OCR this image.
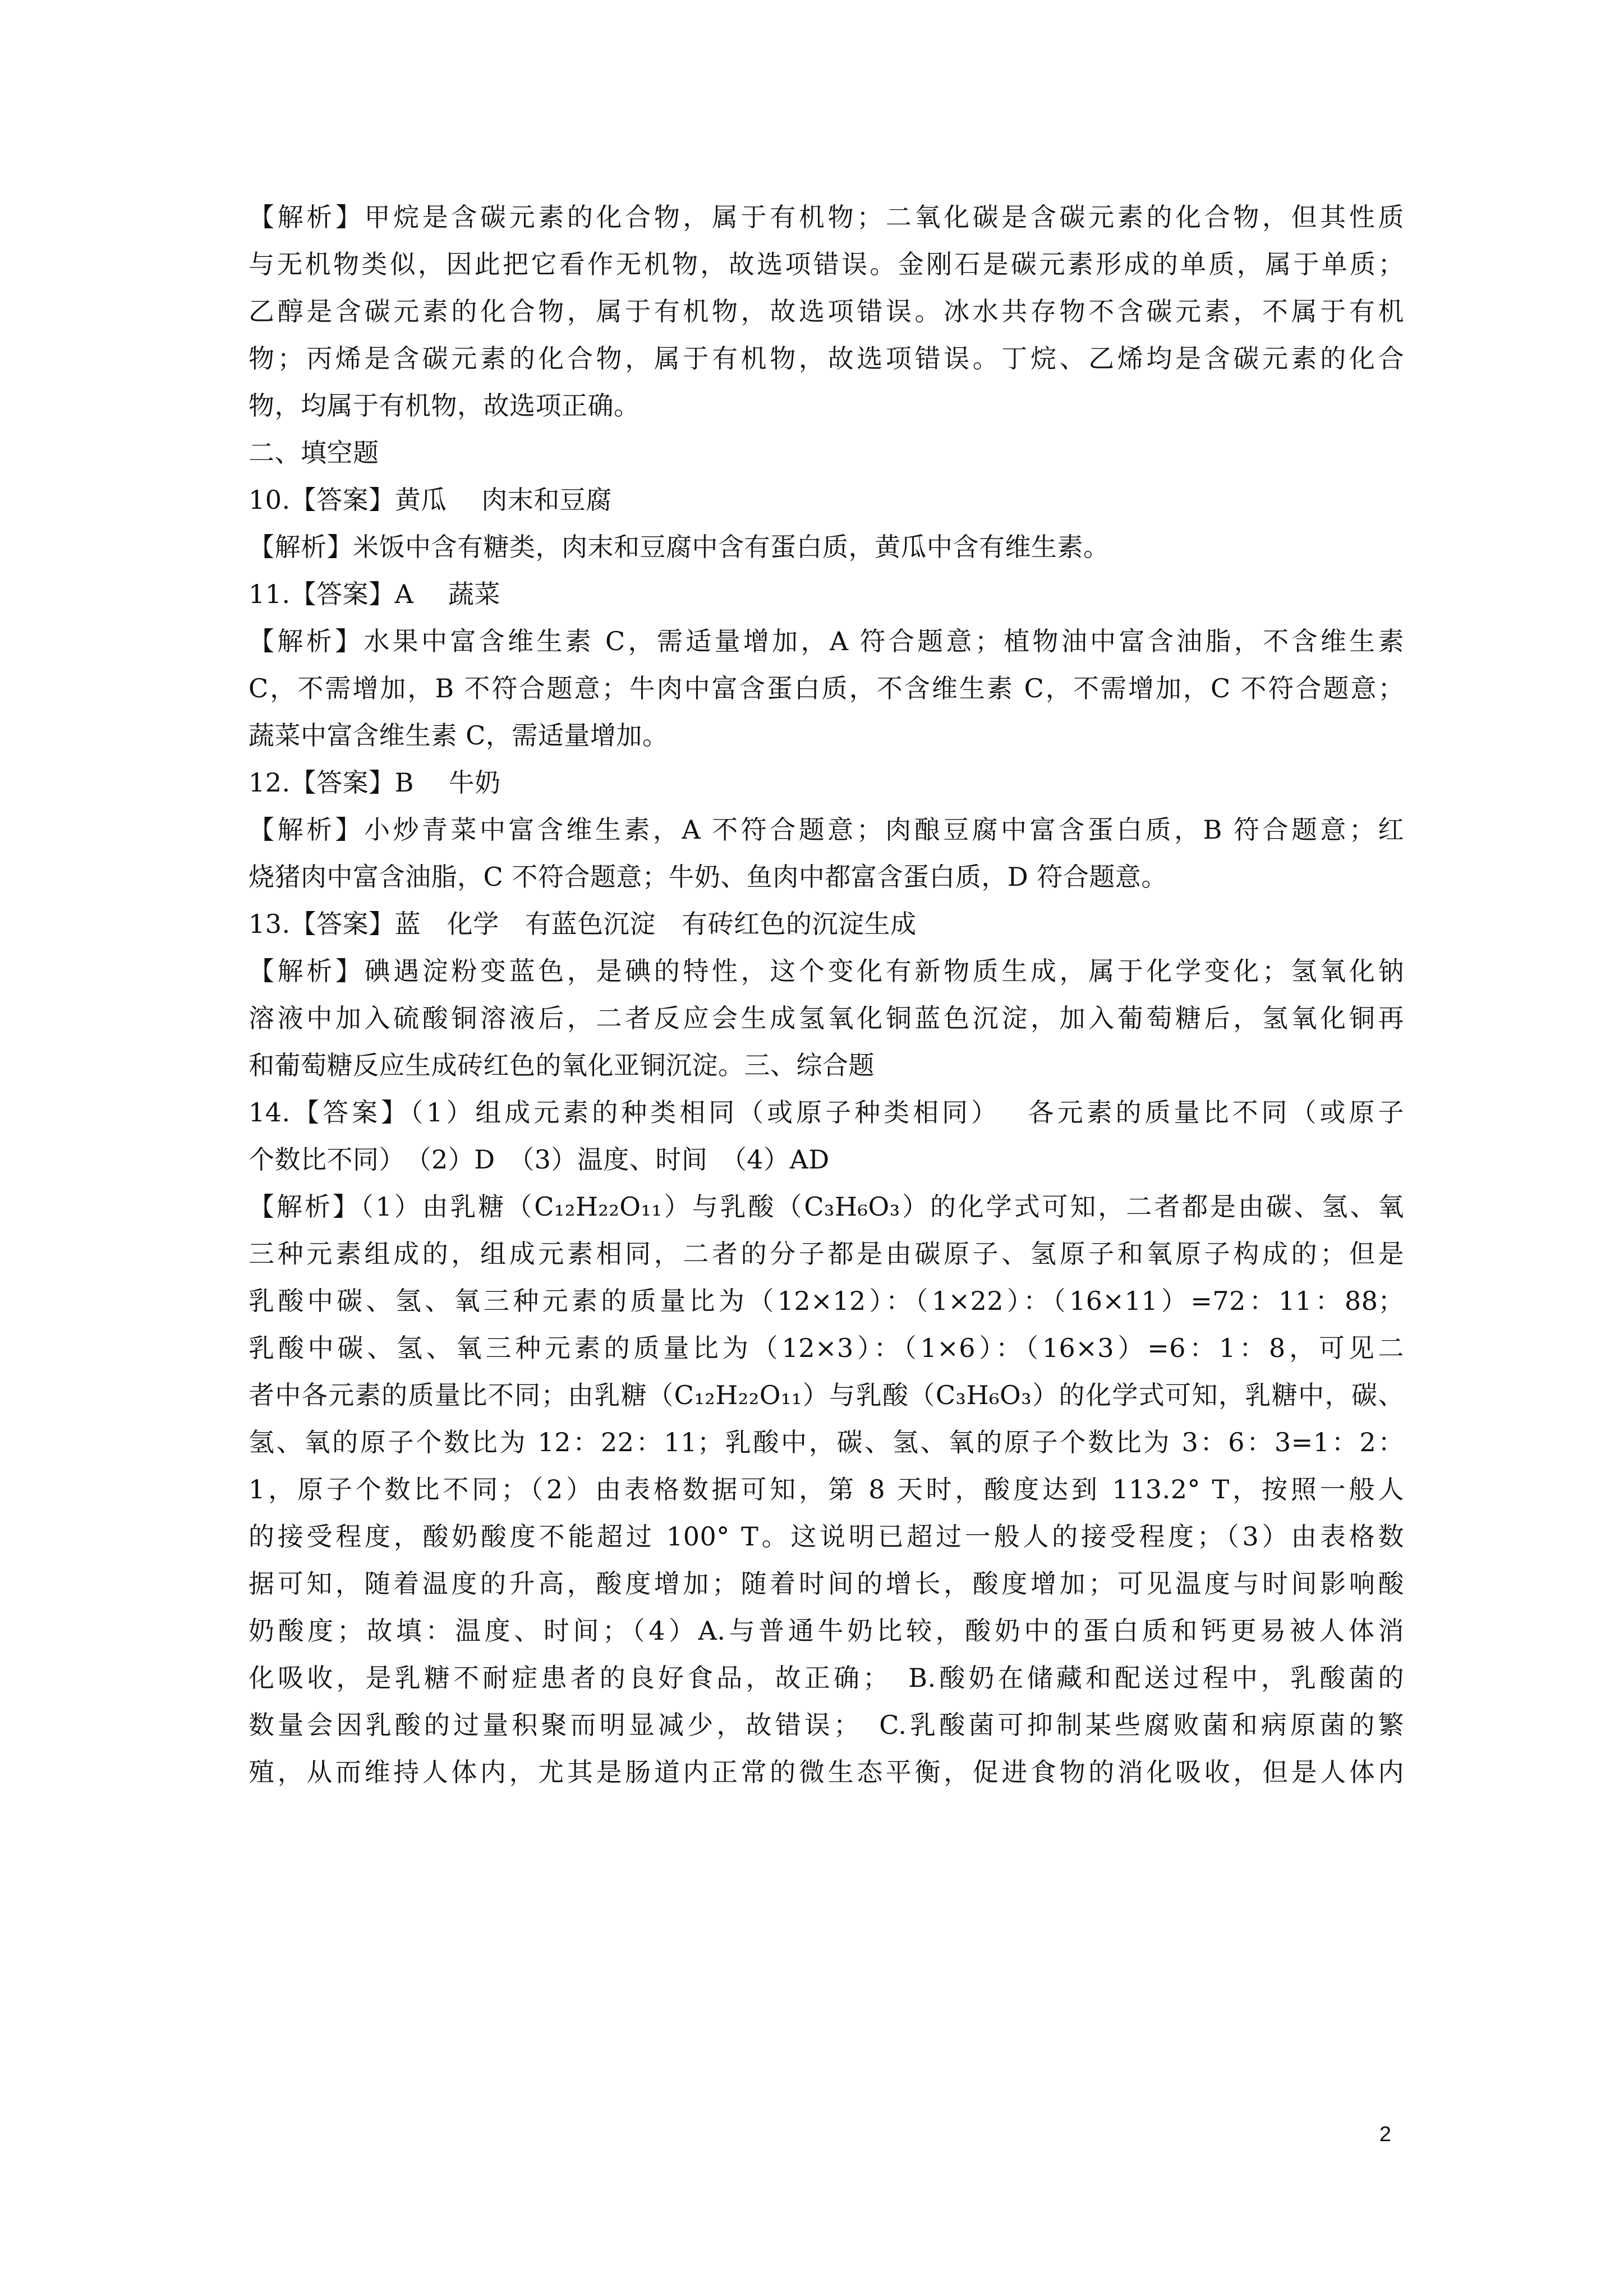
【解析】甲烷是含碳元素的化合物，属于有机物；二氧化碳是含碳元素的化合物，但其性质
与无机物类似，因此把它看作无机物，故选项错误。金刚石是碳元素形成的单质，属于单质；
乙醇是含碳元素的化合物，属于有机物，故选项错误。冰水共存物不含碳元素，不属于有机
物；丙烯是含碳元素的化合物，属于有机物，故选项错误。丁烷、乙烯均是含碳元素的化合
物，均属于有机物，故选项正确。
二、填空题
10.【答案】黄瓜　 肉末和豆腐
【解析】米饭中含有糖类，肉末和豆腐中含有蛋白质，黄瓜中含有维生素。
11.【答案】A　 蔬菜
【解析】水果中富含维生素 C，需适量增加，A 符合题意；植物油中富含油脂，不含维生素
C，不需增加，B 不符合题意；牛肉中富含蛋白质，不含维生素 C，不需增加，C 不符合题意；
蔬菜中富含维生素 C，需适量增加。
12.【答案】B　 牛奶
【解析】小炒青菜中富含维生素，A 不符合题意；肉酿豆腐中富含蛋白质，B 符合题意；红
烧猪肉中富含油脂，C 不符合题意；牛奶、鱼肉中都富含蛋白质，D 符合题意。
13.【答案】蓝　化学　有蓝色沉淀　有砖红色的沉淀生成
【解析】碘遇淀粉变蓝色，是碘的特性，这个变化有新物质生成，属于化学变化；氢氧化钠
溶液中加入硫酸铜溶液后，二者反应会生成氢氧化铜蓝色沉淀，加入葡萄糖后，氢氧化铜再
和葡萄糖反应生成砖红色的氧化亚铜沉淀。三、综合题
14.【答案】（1）组成元素的种类相同（或原子种类相同）　 各元素的质量比不同（或原子
个数比不同）　（2）D　（3）温度、时间　（4）AD
【解析】（1）由乳糖（C₁₂H₂₂O₁₁）与乳酸（C₃H₆O₃）的化学式可知，二者都是由碳、氢、氧
三种元素组成的，组成元素相同，二者的分子都是由碳原子、氢原子和氧原子构成的；但是
乳酸中碳、氢、氧三种元素的质量比为（12×12）：（1×22）：（16×11）=72：11：88；
乳酸中碳、氢、氧三种元素的质量比为（12×3）：（1×6）：（16×3）=6：1：8，可见二
者中各元素的质量比不同；由乳糖（C₁₂H₂₂O₁₁）与乳酸（C₃H₆O₃）的化学式可知，乳糖中，碳、
氢、氧的原子个数比为 12：22：11；乳酸中，碳、氢、氧的原子个数比为 3：6：3=1：2：
1，原子个数比不同；（2）由表格数据可知，第 8 天时，酸度达到 113.2° T，按照一般人
的接受程度，酸奶酸度不能超过 100° T。这说明已超过一般人的接受程度；（3）由表格数
据可知，随着温度的升高，酸度增加；随着时间的增长，酸度增加；可见温度与时间影响酸
奶酸度；故填：温度、时间；（4）A.与普通牛奶比较，酸奶中的蛋白质和钙更易被人体消
化吸收，是乳糖不耐症患者的良好食品，故正确；　B.酸奶在储藏和配送过程中，乳酸菌的
数量会因乳酸的过量积聚而明显减少，故错误；　C.乳酸菌可抑制某些腐败菌和病原菌的繁
殖，从而维持人体内，尤其是肠道内正常的微生态平衡，促进食物的消化吸收，但是人体内
2
